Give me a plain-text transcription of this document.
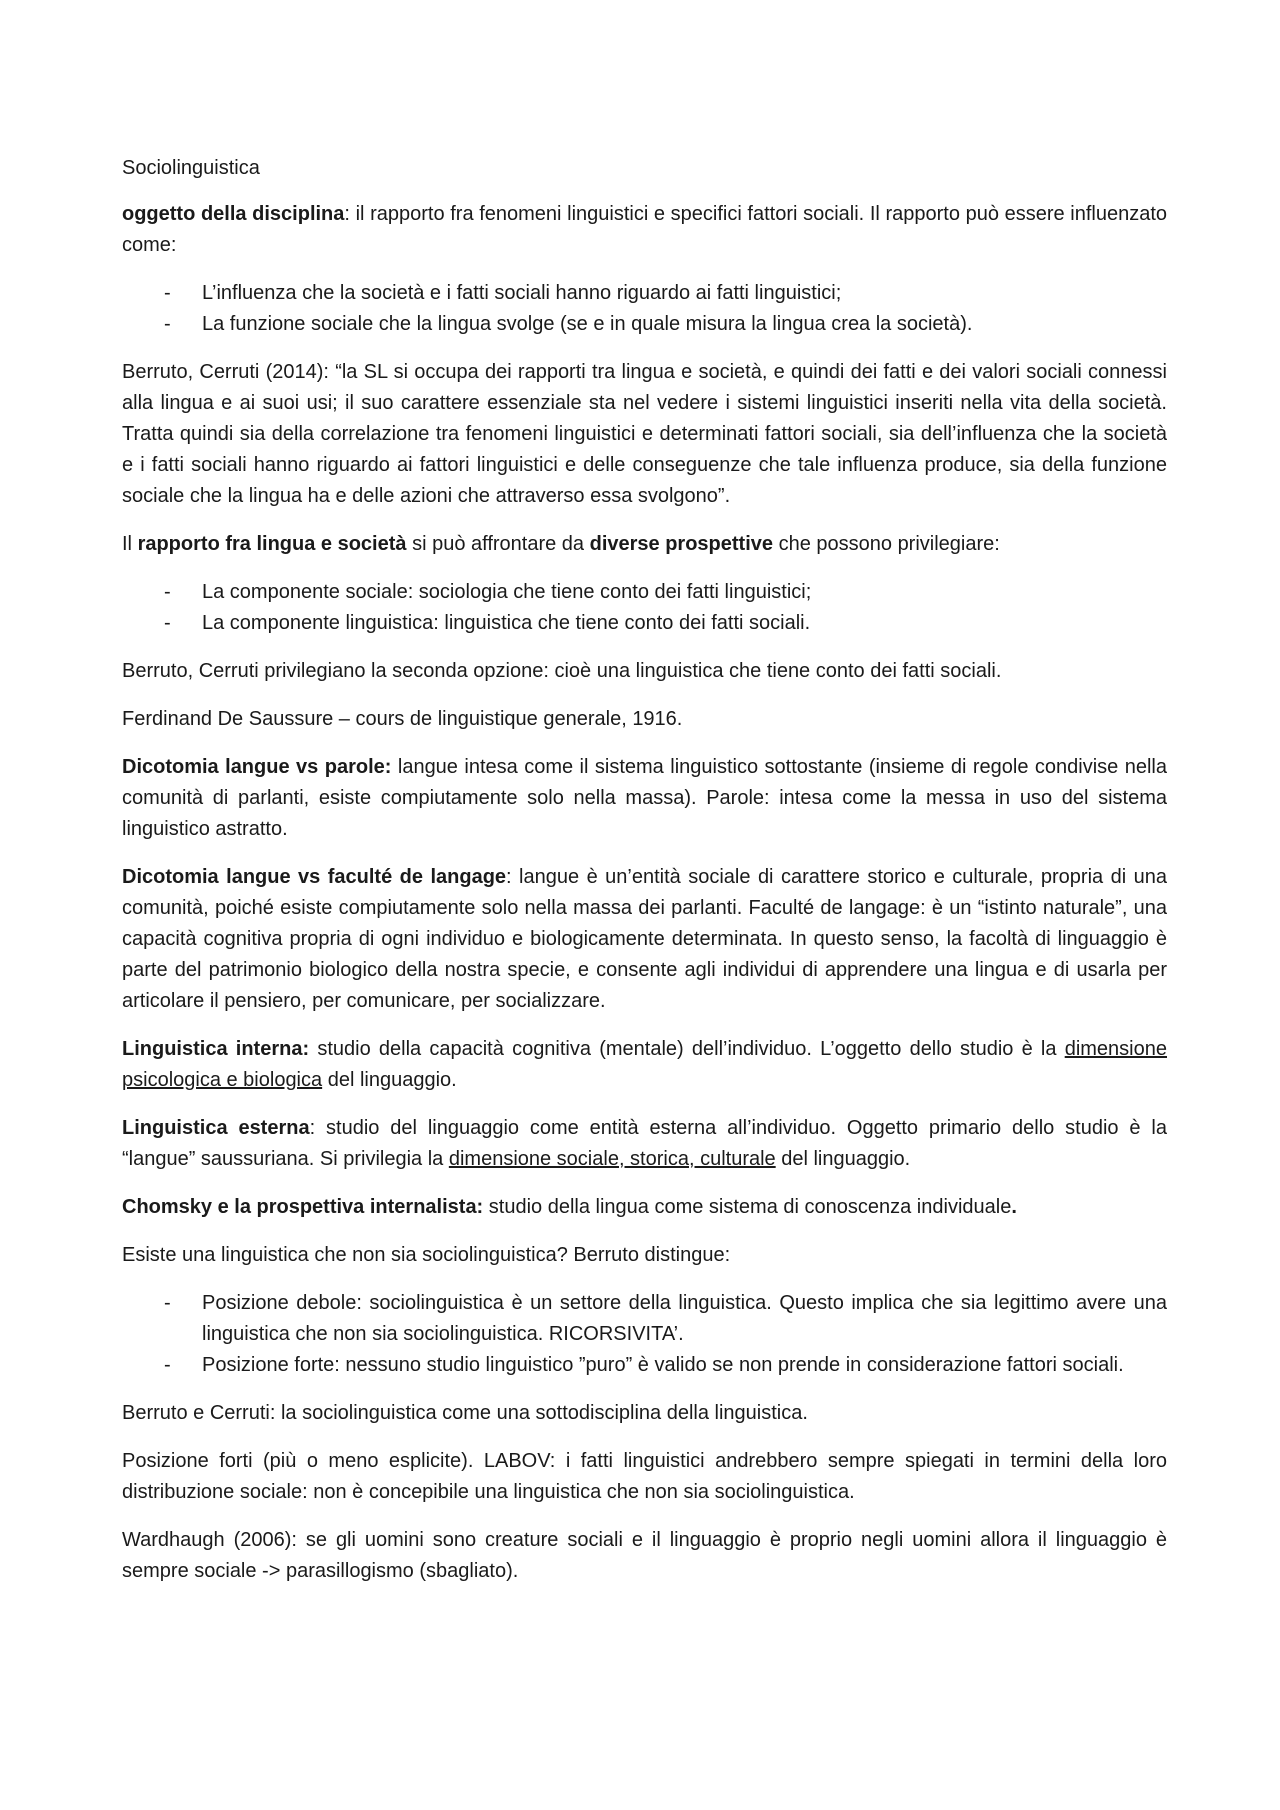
Sociolinguistica

oggetto della disciplina: il rapporto fra fenomeni linguistici e specifici fattori sociali. Il rapporto può essere influenzato come:

- L’influenza che la società e i fatti sociali hanno riguardo ai fatti linguistici;
- La funzione sociale che la lingua svolge (se e in quale misura la lingua crea la società).

Berruto, Cerruti (2014): “la SL si occupa dei rapporti tra lingua e società, e quindi dei fatti e dei valori sociali connessi alla lingua e ai suoi usi; il suo carattere essenziale sta nel vedere i sistemi linguistici inseriti nella vita della società. Tratta quindi sia della correlazione tra fenomeni linguistici e determinati fattori sociali, sia dell’influenza che la società e i fatti sociali hanno riguardo ai fattori linguistici e delle conseguenze che tale influenza produce, sia della funzione sociale che la lingua ha e delle azioni che attraverso essa svolgono”.

Il rapporto fra lingua e società si può affrontare da diverse prospettive che possono privilegiare:

- La componente sociale: sociologia che tiene conto dei fatti linguistici;
- La componente linguistica: linguistica che tiene conto dei fatti sociali.

Berruto, Cerruti privilegiano la seconda opzione: cioè una linguistica che tiene conto dei fatti sociali.

Ferdinand De Saussure – cours de linguistique generale, 1916.

Dicotomia langue vs parole: langue intesa come il sistema linguistico sottostante (insieme di regole condivise nella comunità di parlanti, esiste compiutamente solo nella massa). Parole: intesa come la messa in uso del sistema linguistico astratto.

Dicotomia langue vs faculté de langage: langue è un’entità sociale di carattere storico e culturale, propria di una comunità, poiché esiste compiutamente solo nella massa dei parlanti. Faculté de langage: è un “istinto naturale”, una capacità cognitiva propria di ogni individuo e biologicamente determinata. In questo senso, la facoltà di linguaggio è parte del patrimonio biologico della nostra specie, e consente agli individui di apprendere una lingua e di usarla per articolare il pensiero, per comunicare, per socializzare.

Linguistica interna: studio della capacità cognitiva (mentale) dell’individuo. L’oggetto dello studio è la dimensione psicologica e biologica del linguaggio.

Linguistica esterna: studio del linguaggio come entità esterna all’individuo. Oggetto primario dello studio è la “langue” saussuriana. Si privilegia la dimensione sociale, storica, culturale del linguaggio.

Chomsky e la prospettiva internalista: studio della lingua come sistema di conoscenza individuale.

Esiste una linguistica che non sia sociolinguistica? Berruto distingue:

- Posizione debole: sociolinguistica è un settore della linguistica. Questo implica che sia legittimo avere una linguistica che non sia sociolinguistica. RICORSIVITA’.
- Posizione forte: nessuno studio linguistico ”puro” è valido se non prende in considerazione fattori sociali.

Berruto e Cerruti: la sociolinguistica come una sottodisciplina della linguistica.

Posizione forti (più o meno esplicite). LABOV: i fatti linguistici andrebbero sempre spiegati in termini della loro distribuzione sociale: non è concepibile una linguistica che non sia sociolinguistica.

Wardhaugh (2006): se gli uomini sono creature sociali e il linguaggio è proprio negli uomini allora il linguaggio è sempre sociale -> parasillogismo (sbagliato).
